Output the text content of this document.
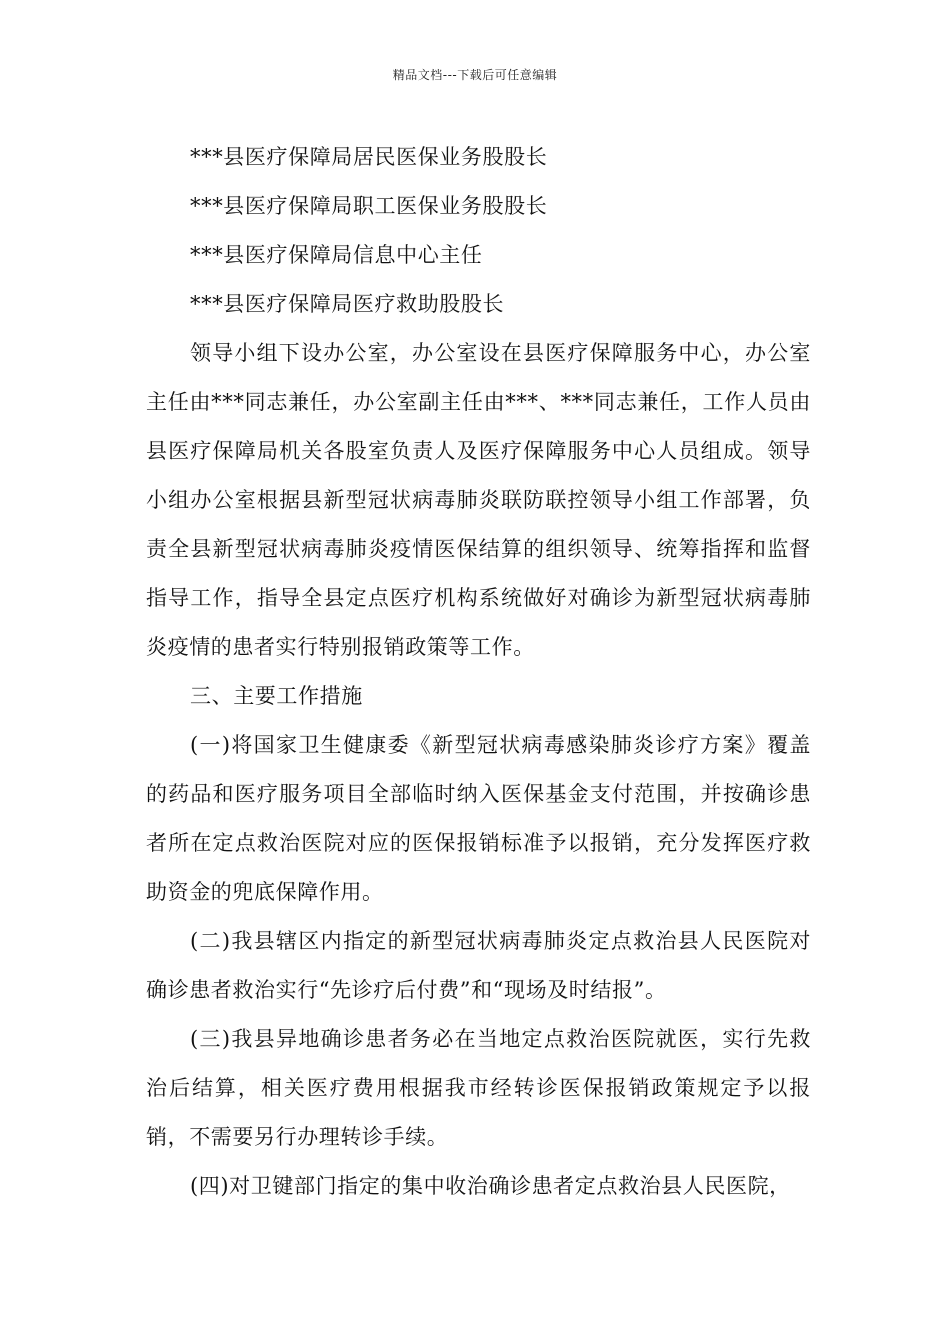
精品文档---下载后可任意编辑

***县医疗保障局居民医保业务股股长

***县医疗保障局职工医保业务股股长

***县医疗保障局信息中心主任

***县医疗保障局医疗救助股股长

领导小组下设办公室，办公室设在县医疗保障服务中心，办公室主任由***同志兼任，办公室副主任由***、***同志兼任，工作人员由县医疗保障局机关各股室负责人及医疗保障服务中心人员组成。领导小组办公室根据县新型冠状病毒肺炎联防联控领导小组工作部署，负责全县新型冠状病毒肺炎疫情医保结算的组织领导、统筹指挥和监督指导工作，指导全县定点医疗机构系统做好对确诊为新型冠状病毒肺炎疫情的患者实行特别报销政策等工作。

三、主要工作措施

(一)将国家卫生健康委《新型冠状病毒感染肺炎诊疗方案》覆盖的药品和医疗服务项目全部临时纳入医保基金支付范围，并按确诊患者所在定点救治医院对应的医保报销标准予以报销，充分发挥医疗救助资金的兜底保障作用。

(二)我县辖区内指定的新型冠状病毒肺炎定点救治县人民医院对确诊患者救治实行“先诊疗后付费”和“现场及时结报”。

(三)我县异地确诊患者务必在当地定点救治医院就医，实行先救治后结算，相关医疗费用根据我市经转诊医保报销政策规定予以报销，不需要另行办理转诊手续。

(四)对卫键部门指定的集中收治确诊患者定点救治县人民医院，
